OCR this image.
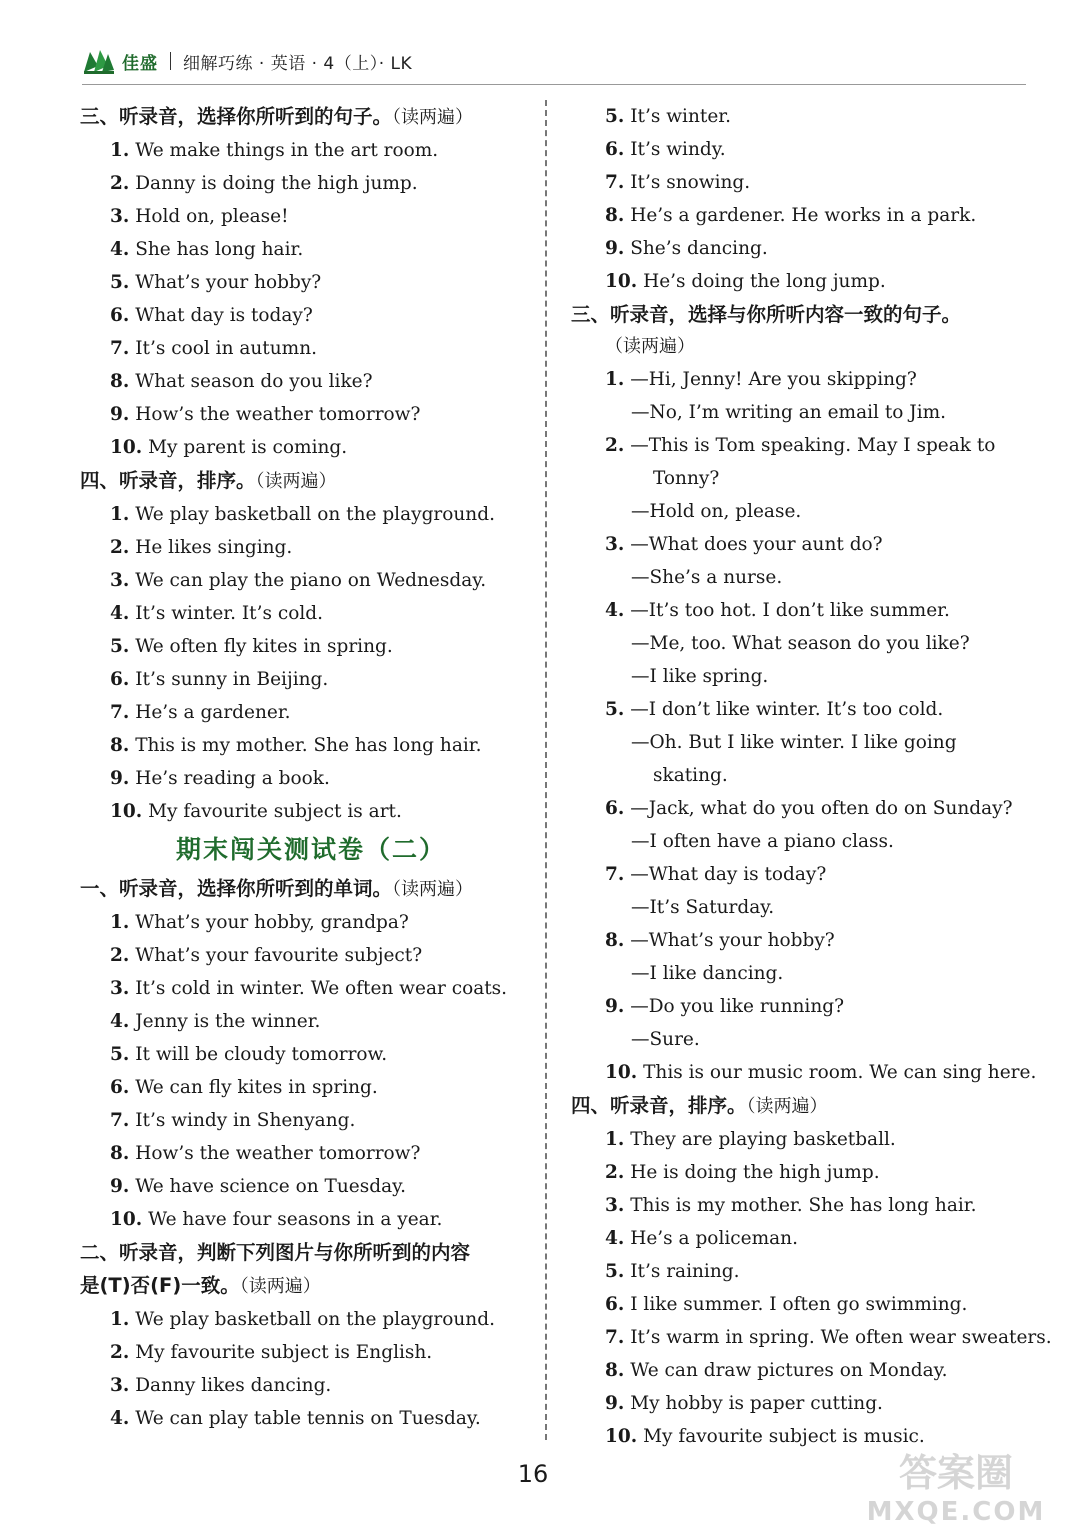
佳盛 细解巧练 · 英语 · 4（上）· LK
三、听录音，选择你所听到的句子。（读两遍）
1. We make things in the art room.
2. Danny is doing the high jump.
3. Hold on, please!
4. She has long hair.
5. What’s your hobby?
6. What day is today?
7. It’s cool in autumn.
8. What season do you like?
9. How’s the weather tomorrow?
10. My parent is coming.
四、听录音，排序。（读两遍）
1. We play basketball on the playground.
2. He likes singing.
3. We can play the piano on Wednesday.
4. It’s winter. It’s cold.
5. We often fly kites in spring.
6. It’s sunny in Beijing.
7. He’s a gardener.
8. This is my mother. She has long hair.
9. He’s reading a book.
10. My favourite subject is art.
期末闯关测试卷（二）
一、听录音，选择你所听到的单词。（读两遍）
1. What’s your hobby, grandpa?
2. What’s your favourite subject?
3. It’s cold in winter. We often wear coats.
4. Jenny is the winner.
5. It will be cloudy tomorrow.
6. We can fly kites in spring.
7. It’s windy in Shenyang.
8. How’s the weather tomorrow?
9. We have science on Tuesday.
10. We have four seasons in a year.
二、听录音，判断下列图片与你所听到的内容
是(T)否(F)一致。（读两遍）
1. We play basketball on the playground.
2. My favourite subject is English.
3. Danny likes dancing.
4. We can play table tennis on Tuesday.
5. It’s winter.
6. It’s windy.
7. It’s snowing.
8. He’s a gardener. He works in a park.
9. She’s dancing.
10. He’s doing the long jump.
三、听录音，选择与你所听内容一致的句子。
（读两遍）
1. —Hi, Jenny! Are you skipping?
—No, I’m writing an email to Jim.
2. —This is Tom speaking. May I speak to Tonny?
—Hold on, please.
3. —What does your aunt do?
—She’s a nurse.
4. —It’s too hot. I don’t like summer.
—Me, too. What season do you like?
—I like spring.
5. —I don’t like winter. It’s too cold.
—Oh. But I like winter. I like going skating.
6. —Jack, what do you often do on Sunday?
—I often have a piano class.
7. —What day is today?
—It’s Saturday.
8. —What’s your hobby?
—I like dancing.
9. —Do you like running?
—Sure.
10. This is our music room. We can sing here.
四、听录音，排序。（读两遍）
1. They are playing basketball.
2. He is doing the high jump.
3. This is my mother. She has long hair.
4. He’s a policeman.
5. It’s raining.
6. I like summer. I often go swimming.
7. It’s warm in spring. We often wear sweaters.
8. We can draw pictures on Monday.
9. My hobby is paper cutting.
10. My favourite subject is music.
16	答案圈
MXQE.COM
